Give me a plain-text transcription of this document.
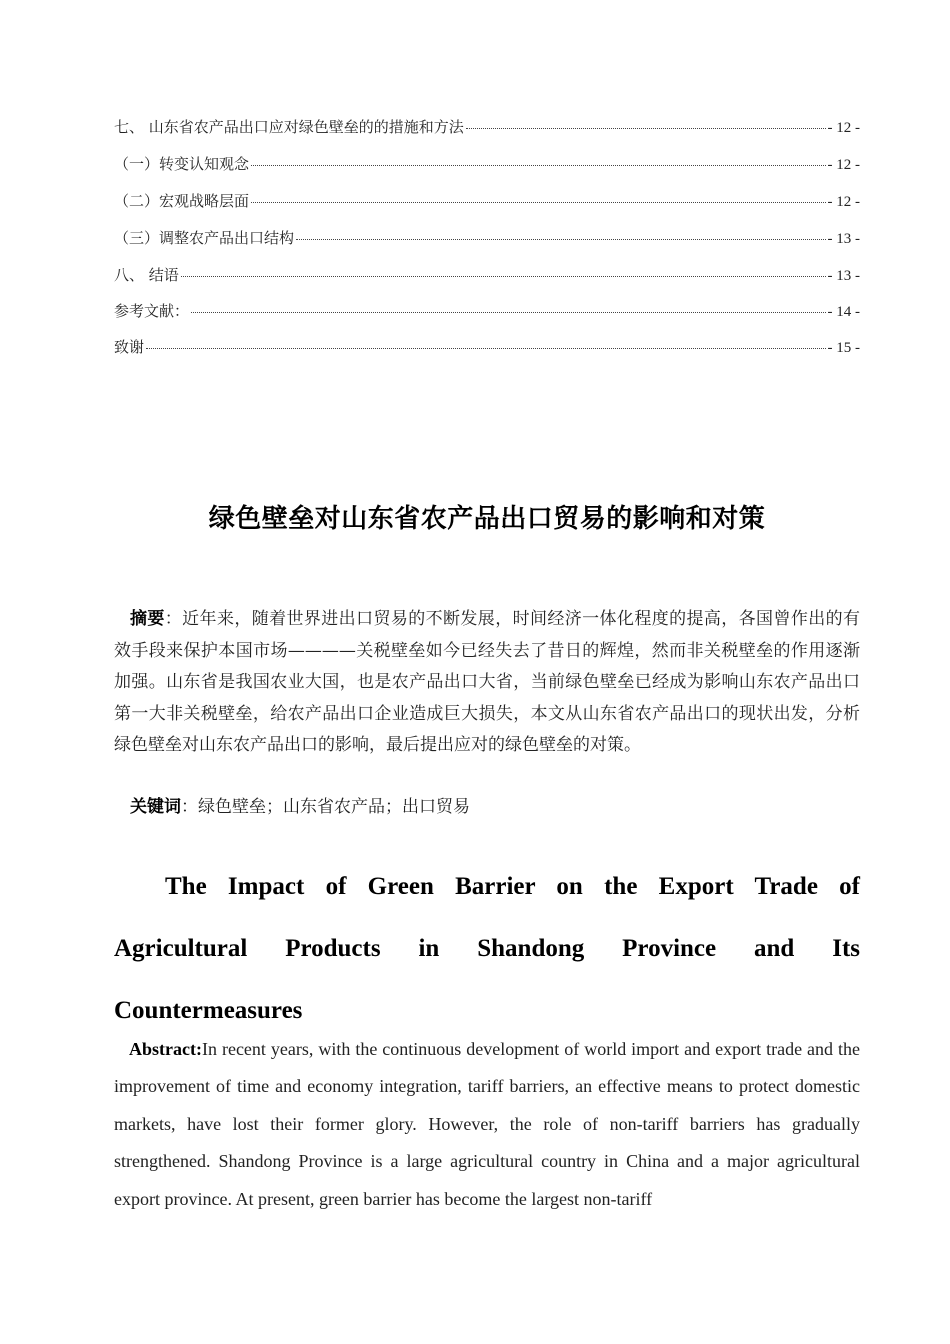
七、 山东省农产品出口应对绿色壁垒的的措施和方法	- 12 -
（一）转变认知观念	- 12 -
（二）宏观战略层面	- 12 -
（三）调整农产品出口结构	- 13 -
八、 结语	- 13 -
参考文献：	- 14 -
致谢	- 15 -
绿色壁垒对山东省农产品出口贸易的影响和对策

摘要：近年来，随着世界进出口贸易的不断发展，时间经济一体化程度的提高，各国曾作出的有效手段来保护本国市场————关税壁垒如今已经失去了昔日的辉煌，然而非关税壁垒的作用逐渐加强。山东省是我国农业大国，也是农产品出口大省，当前绿色壁垒已经成为影响山东农产品出口第一大非关税壁垒，给农产品出口企业造成巨大损失，本文从山东省农产品出口的现状出发，分析绿色壁垒对山东农产品出口的影响，最后提出应对的绿色壁垒的对策。

关键词：绿色壁垒；山东省农产品；出口贸易
The Impact of Green Barrier on the Export Trade of Agricultural Products in Shandong Province and Its Countermeasures

Abstract:In recent years, with the continuous development of world import and export trade and the improvement of time and economy integration, tariff barriers, an effective means to protect domestic markets, have lost their former glory. However, the role of non-tariff barriers has gradually strengthened. Shandong Province is a large agricultural country in China and a major agricultural export province. At present, green barrier has become the largest non-tariff
